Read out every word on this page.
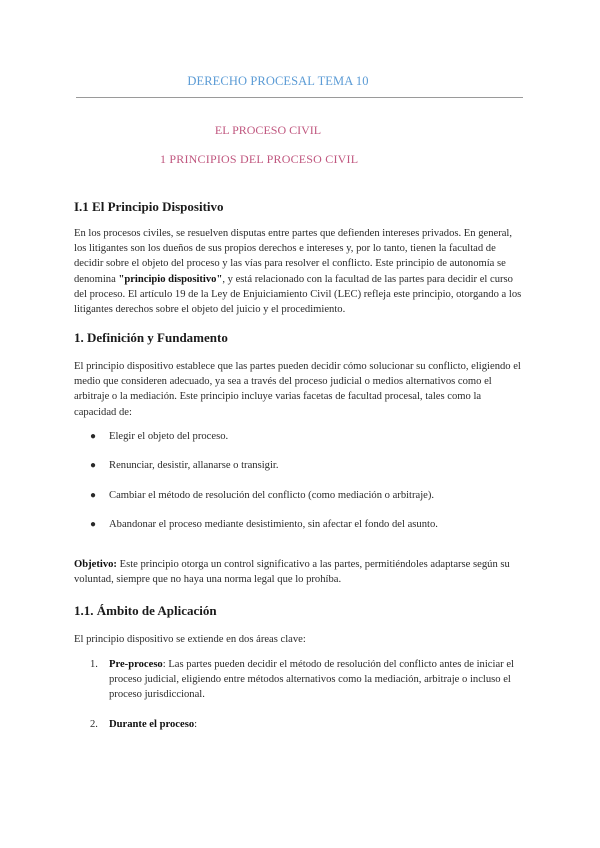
DERECHO PROCESAL TEMA 10
EL PROCESO CIVIL
1 PRINCIPIOS DEL PROCESO CIVIL
I.1 El Principio Dispositivo
En los procesos civiles, se resuelven disputas entre partes que defienden intereses privados. En general, los litigantes son los dueños de sus propios derechos e intereses y, por lo tanto, tienen la facultad de decidir sobre el objeto del proceso y las vías para resolver el conflicto. Este principio de autonomía se denomina "principio dispositivo", y está relacionado con la facultad de las partes para decidir el curso del proceso. El artículo 19 de la Ley de Enjuiciamiento Civil (LEC) refleja este principio, otorgando a los litigantes derechos sobre el objeto del juicio y el procedimiento.
1. Definición y Fundamento
El principio dispositivo establece que las partes pueden decidir cómo solucionar su conflicto, eligiendo el medio que consideren adecuado, ya sea a través del proceso judicial o medios alternativos como el arbitraje o la mediación. Este principio incluye varias facetas de facultad procesal, tales como la capacidad de:
● Elegir el objeto del proceso.
● Renunciar, desistir, allanarse o transigir.
● Cambiar el método de resolución del conflicto (como mediación o arbitraje).
● Abandonar el proceso mediante desistimiento, sin afectar el fondo del asunto.
Objetivo: Este principio otorga un control significativo a las partes, permitiéndoles adaptarse según su voluntad, siempre que no haya una norma legal que lo prohíba.
1.1. Ámbito de Aplicación
El principio dispositivo se extiende en dos áreas clave:
1. Pre-proceso: Las partes pueden decidir el método de resolución del conflicto antes de iniciar el proceso judicial, eligiendo entre métodos alternativos como la mediación, arbitraje o incluso el proceso jurisdiccional.
2. Durante el proceso:
